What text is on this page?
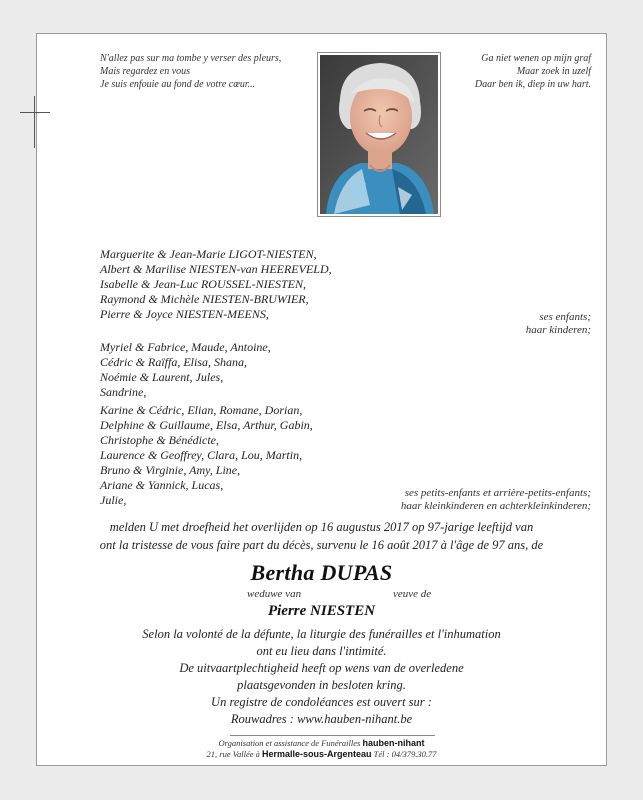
N'allez pas sur ma tombe y verser des pleurs,
Mais regardez en vous
Je suis enfouie au fond de votre cœur...
Ga niet wenen op mijn graf
Maar zoek in uzelf
Daar ben ik, diep in uw hart.
Marguerite & Jean-Marie LIGOT-NIESTEN,
Albert & Marilise NIESTEN-van HEEREVELD,
Isabelle & Jean-Luc ROUSSEL-NIESTEN,
Raymond & Michèle NIESTEN-BRUWIER,
Pierre & Joyce NIESTEN-MEENS,	ses enfants;
haar kinderen;
Myriel & Fabrice, Maude, Antoine,
Cédric & Raïffa, Elisa, Shana,
Noémie & Laurent, Jules,
Sandrine,
Karine & Cédric, Elian, Romane, Dorian,
Delphine & Guillaume, Elsa, Arthur, Gabin,
Christophe & Bénédicte,
Laurence & Geoffrey, Clara, Lou, Martin,
Bruno & Virginie, Amy, Line,
Ariane & Yannick, Lucas,
Julie,	ses petits-enfants et arrière-petits-enfants;
haar kleinkinderen en achterkleinkinderen;
melden U met droefheid het overlijden op 16 augustus 2017 op 97-jarige leeftijd van
ont la tristesse de vous faire part du décès, survenu le 16 août 2017 à l'âge de 97 ans, de
Bertha DUPAS
weduwe van	veuve de
Pierre NIESTEN
Selon la volonté de la défunte, la liturgie des funérailles et l'inhumation
ont eu lieu dans l'intimité.
De uitvaartplechtigheid heeft op wens van de overledene
plaatsgevonden in besloten kring.
Un registre de condoléances est ouvert sur :
Rouwadres : www.hauben-nihant.be
Organisation et assistance de Funérailles hauben-nihant
21, rue Vallée à Hermalle-sous-Argenteau Tél : 04/379.30.77
